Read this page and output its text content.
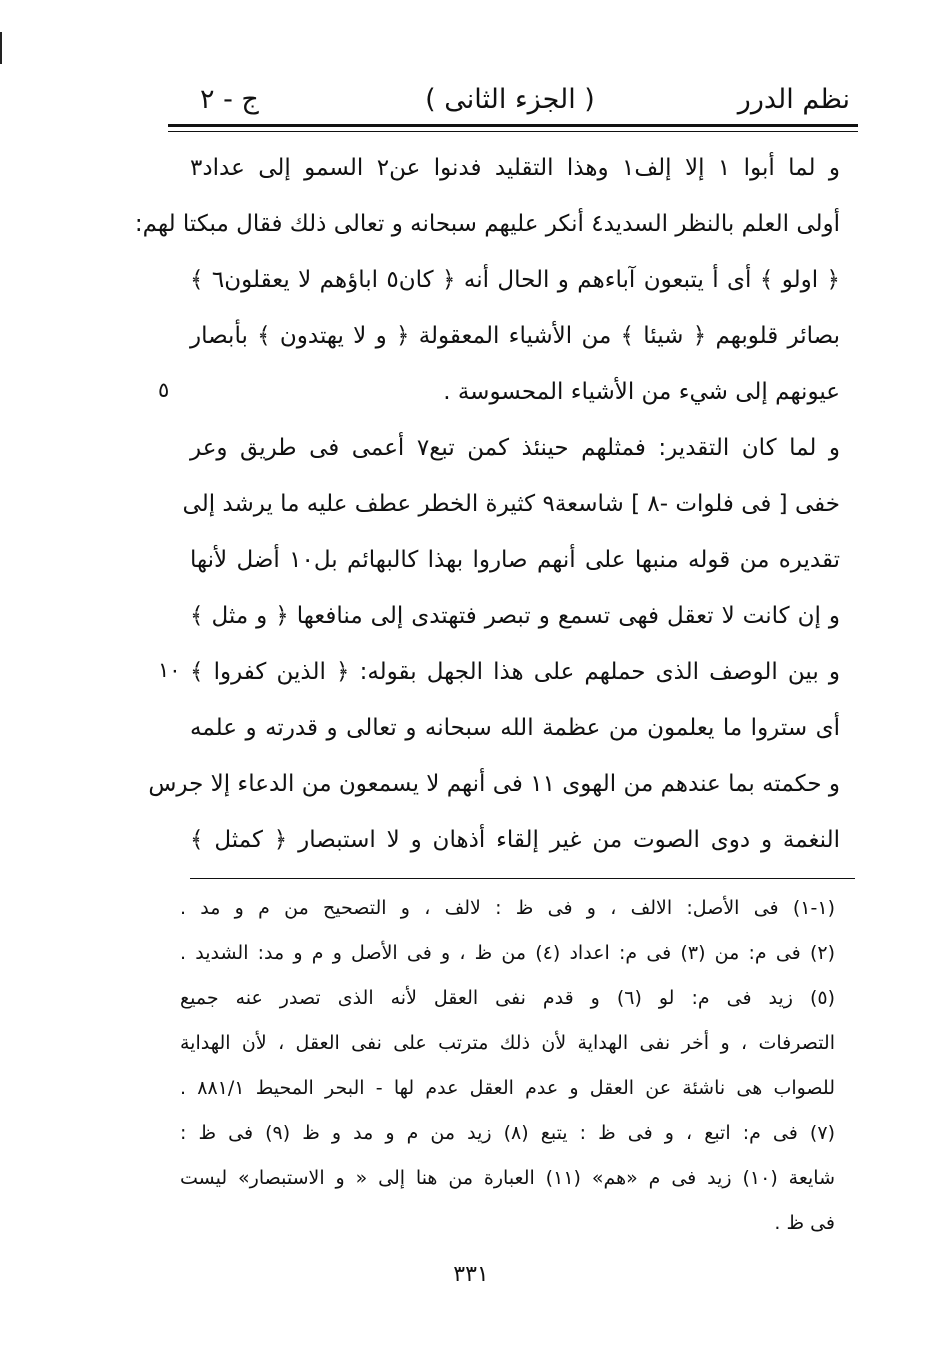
نظم الدرر
( الجزء الثانى )
ج - ٢
و لما أبوا ١ إلا إلف١ وهذا التقليد فدنوا عن٢ السمو إلى عداد٣
أولى العلم بالنظر السديد٤ أنكر عليهم سبحانه و تعالى ذلك فقال مبكتا لهم:
﴿ اولو ﴾ أى أ يتبعون آباءهم و الحال أنه ﴿ كان٥ اباؤهم لا يعقلون٦ ﴾
بصائر قلوبهم ﴿ شيئا ﴾ من الأشياء المعقولة ﴿ و لا يهتدون ﴾ بأبصار
عيونهم إلى شيء من الأشياء المحسوسة .
و لما كان التقدير: فمثلهم حينئذ كمن تبع٧ أعمى فى طريق وعر
خفى [ فى فلوات -٨ ] شاسعة٩ كثيرة الخطر عطف عليه ما يرشد إلى
تقديره من قوله منبها على أنهم صاروا بهذا كالبهائم بل١٠ أضل لأنها
و إن كانت لا تعقل فهى تسمع و تبصر فتهتدى إلى منافعها ﴿ و مثل ﴾
و بين الوصف الذى حملهم على هذا الجهل بقوله: ﴿ الذين كفروا ﴾
أى ستروا ما يعلمون من عظمة الله سبحانه و تعالى و قدرته و علمه
و حكمته بما عندهم من الهوى ١١ فى أنهم لا يسمعون من الدعاء إلا جرس
النغمة و دوى الصوت من غير إلقاء أذهان و لا استبصار ﴿ كمثل ﴾
٥
١٠
(١-١) فى الأصل: الالف ، و فى ظ : لالف ، و التصحيح من م و مد .
(٢) فى م: من (٣) فى م: اعداد (٤) من ظ ، و فى الأصل و م و مد: الشديد .
(٥) زيد فى م: لو (٦) و قدم نفى العقل لأنه الذى تصدر عنه جميع
التصرفات ، و أخر نفى الهداية لأن ذلك مترتب على نفى العقل ، لأن الهداية
للصواب هى ناشئة عن العقل و عدم العقل عدم لها - البحر المحيط ٨٨١/١ .
(٧) فى م: اتبع ، و فى ظ : يتبع (٨) زيد من م و مد و ظ (٩) فى ظ :
شايعة (١٠) زيد فى م «هم» (١١) العبارة من هنا إلى « و الاستبصار» ليست
فى ظ .
٣٣١
